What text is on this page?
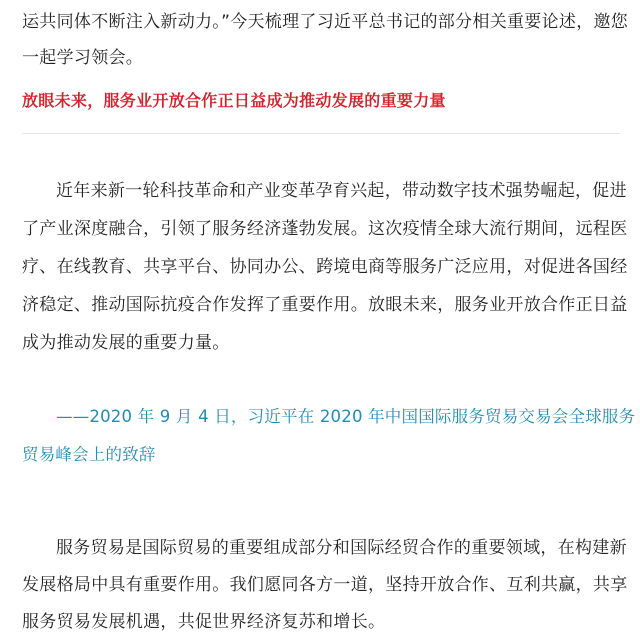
运共同体不断注入新动力。”今天梳理了习近平总书记的部分相关重要论述，邀您
一起学习领会。
放眼未来，服务业开放合作正日益成为推动发展的重要力量
近年来新一轮科技革命和产业变革孕育兴起，带动数字技术强势崛起，促进
了产业深度融合，引领了服务经济蓬勃发展。这次疫情全球大流行期间，远程医
疗、在线教育、共享平台、协同办公、跨境电商等服务广泛应用，对促进各国经
济稳定、推动国际抗疫合作发挥了重要作用。放眼未来，服务业开放合作正日益
成为推动发展的重要力量。
——2020 年 9 月 4 日，习近平在 2020 年中国国际服务贸易交易会全球服务
贸易峰会上的致辞
服务贸易是国际贸易的重要组成部分和国际经贸合作的重要领域，在构建新
发展格局中具有重要作用。我们愿同各方一道，坚持开放合作、互利共赢，共享
服务贸易发展机遇，共促世界经济复苏和增长。
